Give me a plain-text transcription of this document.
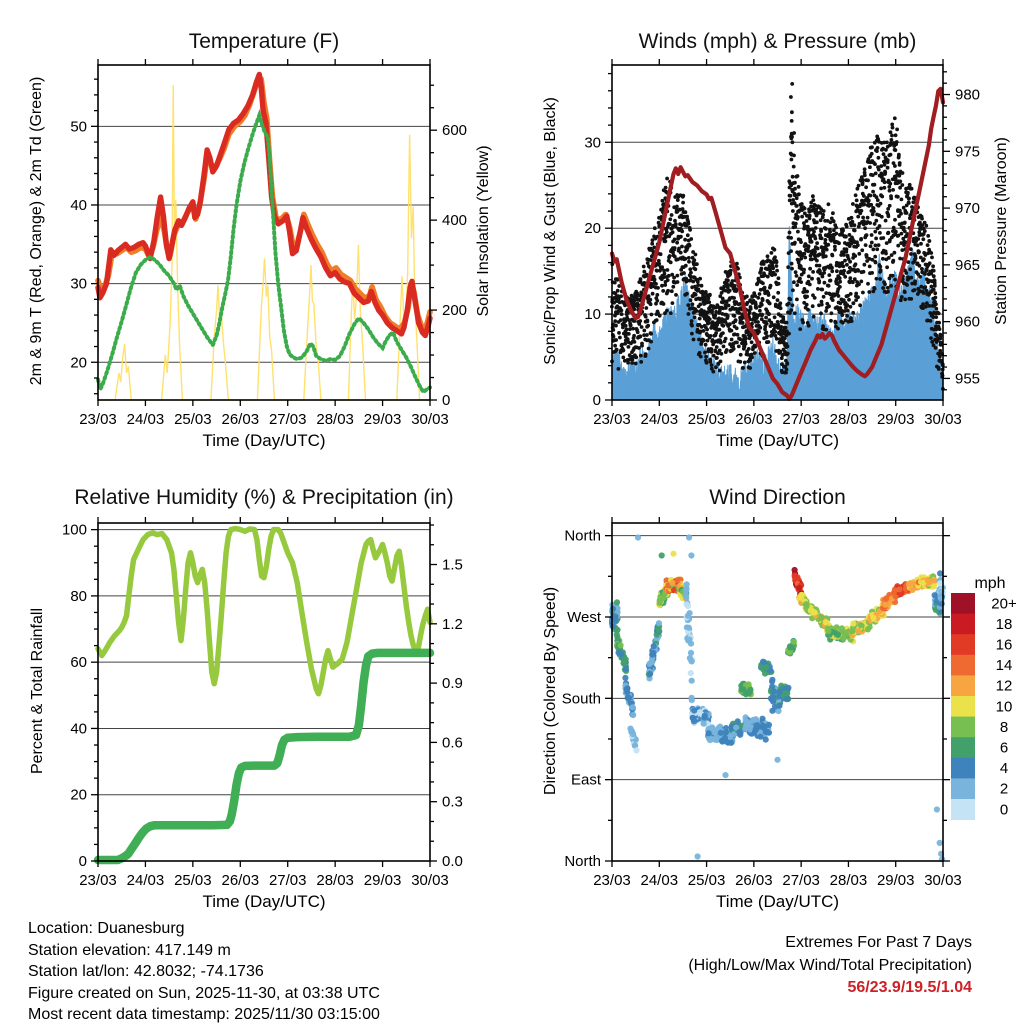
23/03 24/03 25/03 26/03 27/03 28/03 29/03 30/03
20
30
40
50
0
200
400
600
23/03 24/03 25/03 26/03 27/03 28/03 29/03 30/03
0
10
20
30
955
960
965
970
975
980
23/03 24/03 25/03 26/03 27/03 28/03 29/03 30/03
0
20
40
60
80
100
0.0
0.3
0.6
0.9
1.2
1.5
23/03 24/03 25/03 26/03 27/03 28/03 29/03 30/03
North
West
South
East
North
mph
20+
18
16
14
12
10
8
6
4
2
0
Temperature (F)	Winds (mph) & Pressure (mb)
Relative Humidity (%) & Precipitation (in)	Wind Direction
Time (Day/UTC)	Time (Day/UTC)
Time (Day/UTC)	Time (Day/UTC)
2m & 9m T (Red, Orange) & 2m Td (Green)	Solar Insolation (Yellow)	Sonic/Prop Wind & Gust (Blue, Black)	Station Pressure (Maroon)
Percent & Total Rainfall	Direction (Colored By Speed)
Location: Duanesburg
Station elevation: 417.149 m
Station lat/lon: 42.8032; -74.1736
Figure created on Sun, 2025-11-30, at 03:38 UTC
Most recent data timestamp: 2025/11/30 03:15:00
Extremes For Past 7 Days
(High/Low/Max Wind/Total Precipitation)
56/23.9/19.5/1.04
